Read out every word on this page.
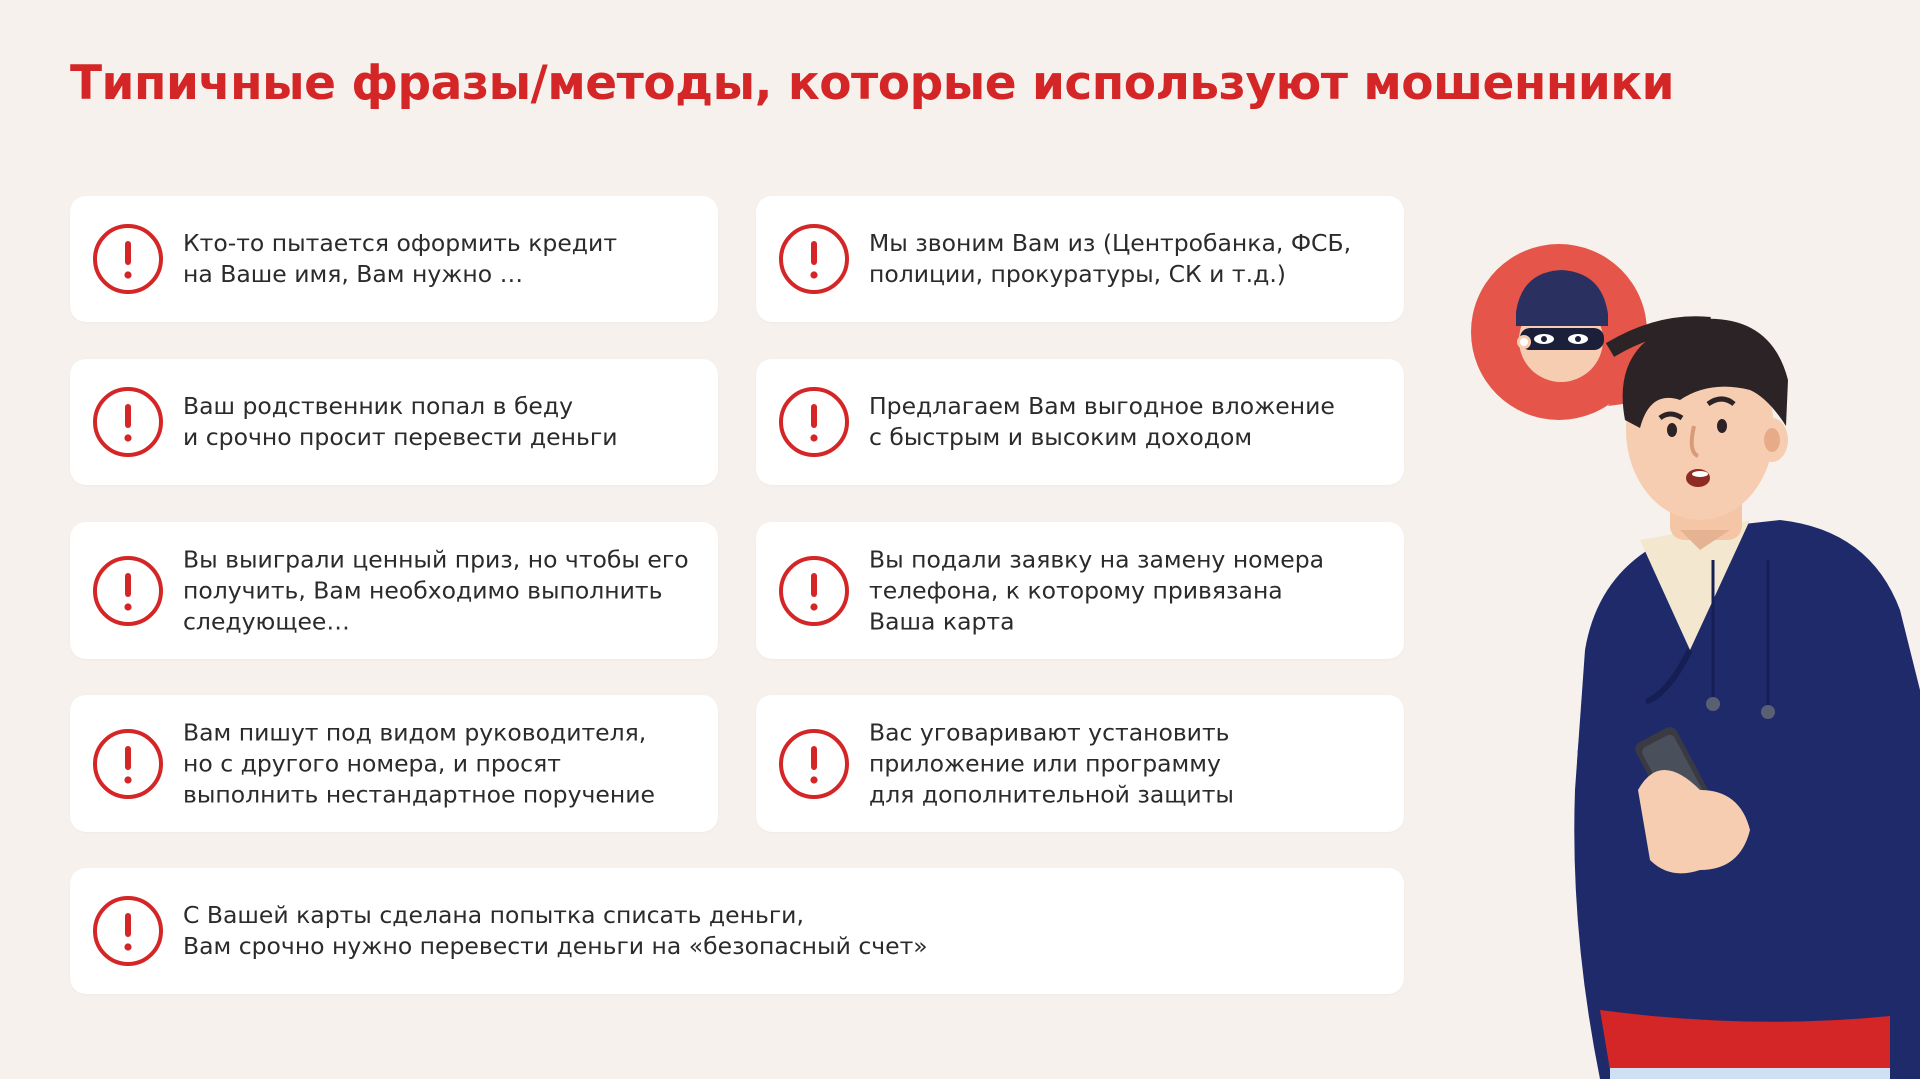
Типичные фразы/методы, которые используют мошенники
Кто-то пытается оформить кредит
на Ваше имя, Вам нужно …
Мы звоним Вам из (Центробанка, ФСБ,
полиции, прокуратуры, СК и т.д.)
Ваш родственник попал в беду
и срочно просит перевести деньги
Предлагаем Вам выгодное вложение
с быстрым и высоким доходом
Вы выиграли ценный приз, но чтобы его
получить, Вам необходимо выполнить
следующее…
Вы подали заявку на замену номера
телефона, к которому привязана
Ваша карта
Вам пишут под видом руководителя,
но с другого номера, и просят
выполнить нестандартное поручение
Вас уговаривают установить
приложение или программу
для дополнительной защиты
С Вашей карты сделана попытка списать деньги,
Вам срочно нужно перевести деньги на «безопасный счет»
